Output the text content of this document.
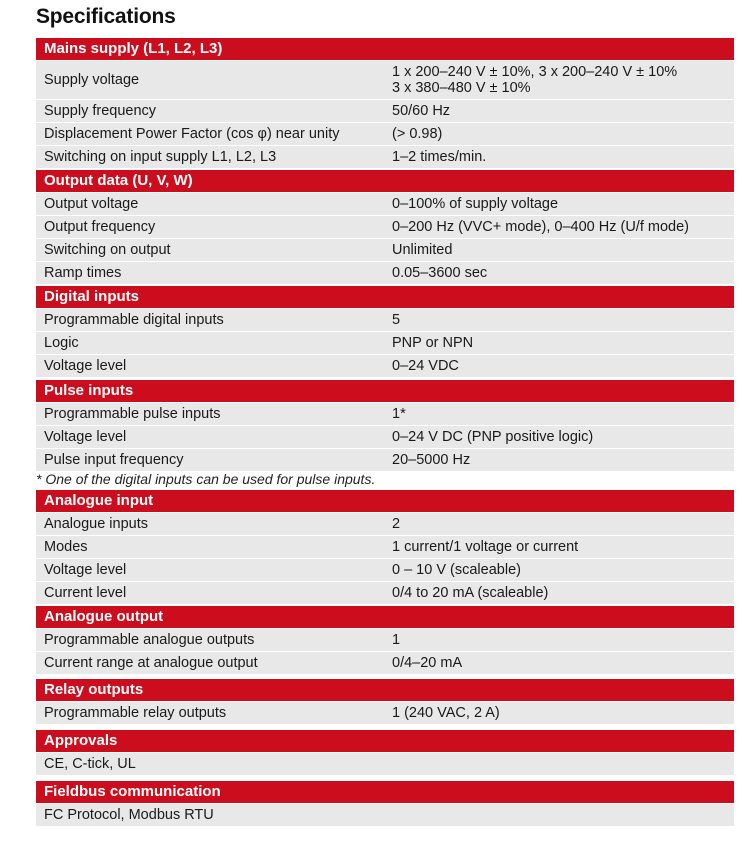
Specifications
Mains supply (L1, L2, L3)
Supply voltage	1 x 200–240 V ± 10%, 3 x 200–240 V ± 10%
3 x 380–480 V ± 10%
Supply frequency	50/60 Hz
Displacement Power Factor (cos φ) near unity	(> 0.98)
Switching on input supply L1, L2, L3	1–2 times/min.
Output data (U, V, W)
Output voltage	0–100% of supply voltage
Output frequency	0–200 Hz (VVC+ mode), 0–400 Hz (U/f mode)
Switching on output	Unlimited
Ramp times	0.05–3600 sec
Digital inputs
Programmable digital inputs	5
Logic	PNP or NPN
Voltage level	0–24 VDC
Pulse inputs
Programmable pulse inputs	1*
Voltage level	0–24 V DC (PNP positive logic)
Pulse input frequency	20–5000 Hz
* One of the digital inputs can be used for pulse inputs.
Analogue input
Analogue inputs	2
Modes	1 current/1 voltage or current
Voltage level	0 – 10 V (scaleable)
Current level	0/4 to 20 mA (scaleable)
Analogue output
Programmable analogue outputs	1
Current range at analogue output	0/4–20 mA
Relay outputs
Programmable relay outputs	1 (240 VAC, 2 A)
Approvals
CE, C-tick, UL
Fieldbus communication
FC Protocol, Modbus RTU
